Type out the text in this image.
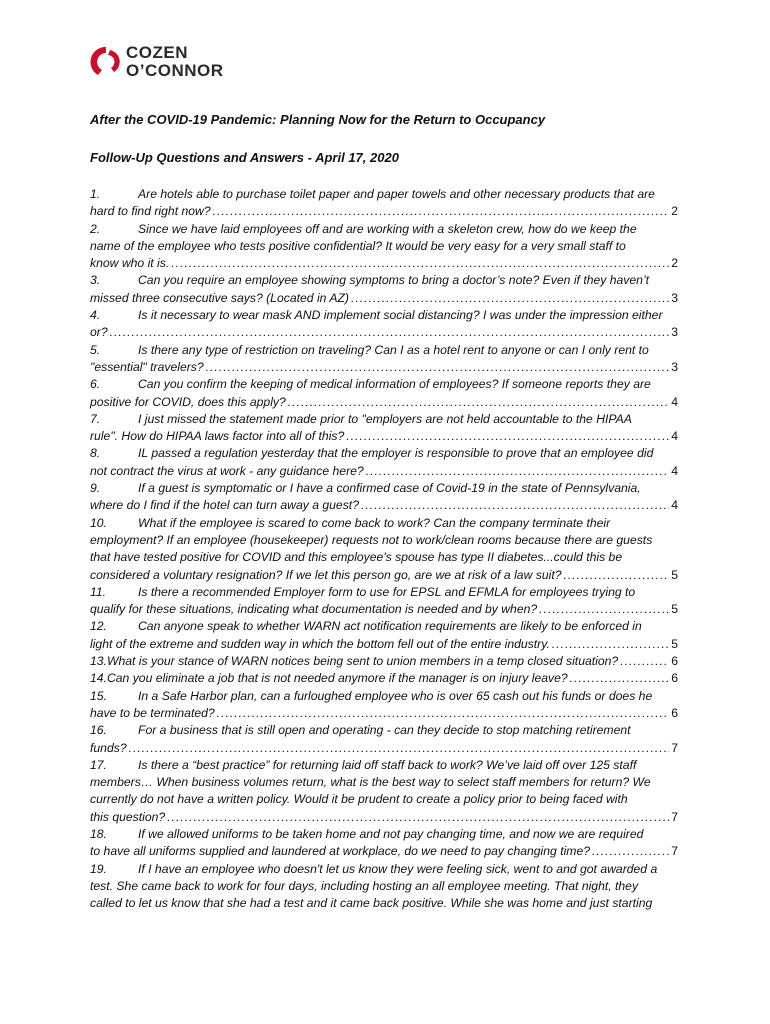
COZEN
O’CONNOR
After the COVID-19 Pandemic: Planning Now for the Return to Occupancy
Follow-Up Questions and Answers - April 17, 2020
1.	Are hotels able to purchase toilet paper and paper towels and other necessary products that are
hard to find right now? .....	2
2.	Since we have laid employees off and are working with a skeleton crew, how do we keep the
name of the employee who tests positive confidential? It would be very easy for a very small staff to
know who it is. .....	2
3.	Can you require an employee showing symptoms to bring a doctor’s note? Even if they haven’t
missed three consecutive says? (Located in AZ) .....	3
4.	Is it necessary to wear mask AND implement social distancing? I was under the impression either
or? .....	3
5.	Is there any type of restriction on traveling? Can I as a hotel rent to anyone or can I only rent to
"essential" travelers? .....	3
6.	Can you confirm the keeping of medical information of employees? If someone reports they are
positive for COVID, does this apply? .....	4
7.	I just missed the statement made prior to "employers are not held accountable to the HIPAA
rule". How do HIPAA laws factor into all of this? .....	4
8.	IL passed a regulation yesterday that the employer is responsible to prove that an employee did
not contract the virus at work - any guidance here? .....	4
9.	If a guest is symptomatic or I have a confirmed case of Covid-19 in the state of Pennsylvania,
where do I find if the hotel can turn away a guest? .....	4
10.	What if the employee is scared to come back to work? Can the company terminate their
employment? If an employee (housekeeper) requests not to work/clean rooms because there are guests
that have tested positive for COVID and this employee's spouse has type II diabetes...could this be
considered a voluntary resignation? If we let this person go, are we at risk of a law suit? .....	5
11.	Is there a recommended Employer form to use for EPSL and EFMLA for employees trying to
qualify for these situations, indicating what documentation is needed and by when? .....	5
12.	Can anyone speak to whether WARN act notification requirements are likely to be enforced in
light of the extreme and sudden way in which the bottom fell out of the entire industry. .....	5
13. What is your stance of WARN notices being sent to union members in a temp closed situation? .....	6
14. Can you eliminate a job that is not needed anymore if the manager is on injury leave? .....	6
15.	In a Safe Harbor plan, can a furloughed employee who is over 65 cash out his funds or does he
have to be terminated? .....	6
16.	For a business that is still open and operating - can they decide to stop matching retirement
funds? .....	7
17.	Is there a “best practice” for returning laid off staff back to work? We’ve laid off over 125 staff
members… When business volumes return, what is the best way to select staff members for return? We
currently do not have a written policy. Would it be prudent to create a policy prior to being faced with
this question? .....	7
18.	If we allowed uniforms to be taken home and not pay changing time, and now we are required
to have all uniforms supplied and laundered at workplace, do we need to pay changing time? .....	7
19.	If I have an employee who doesn't let us know they were feeling sick, went to and got awarded a
test. She came back to work for four days, including hosting an all employee meeting. That night, they
called to let us know that she had a test and it came back positive. While she was home and just starting
